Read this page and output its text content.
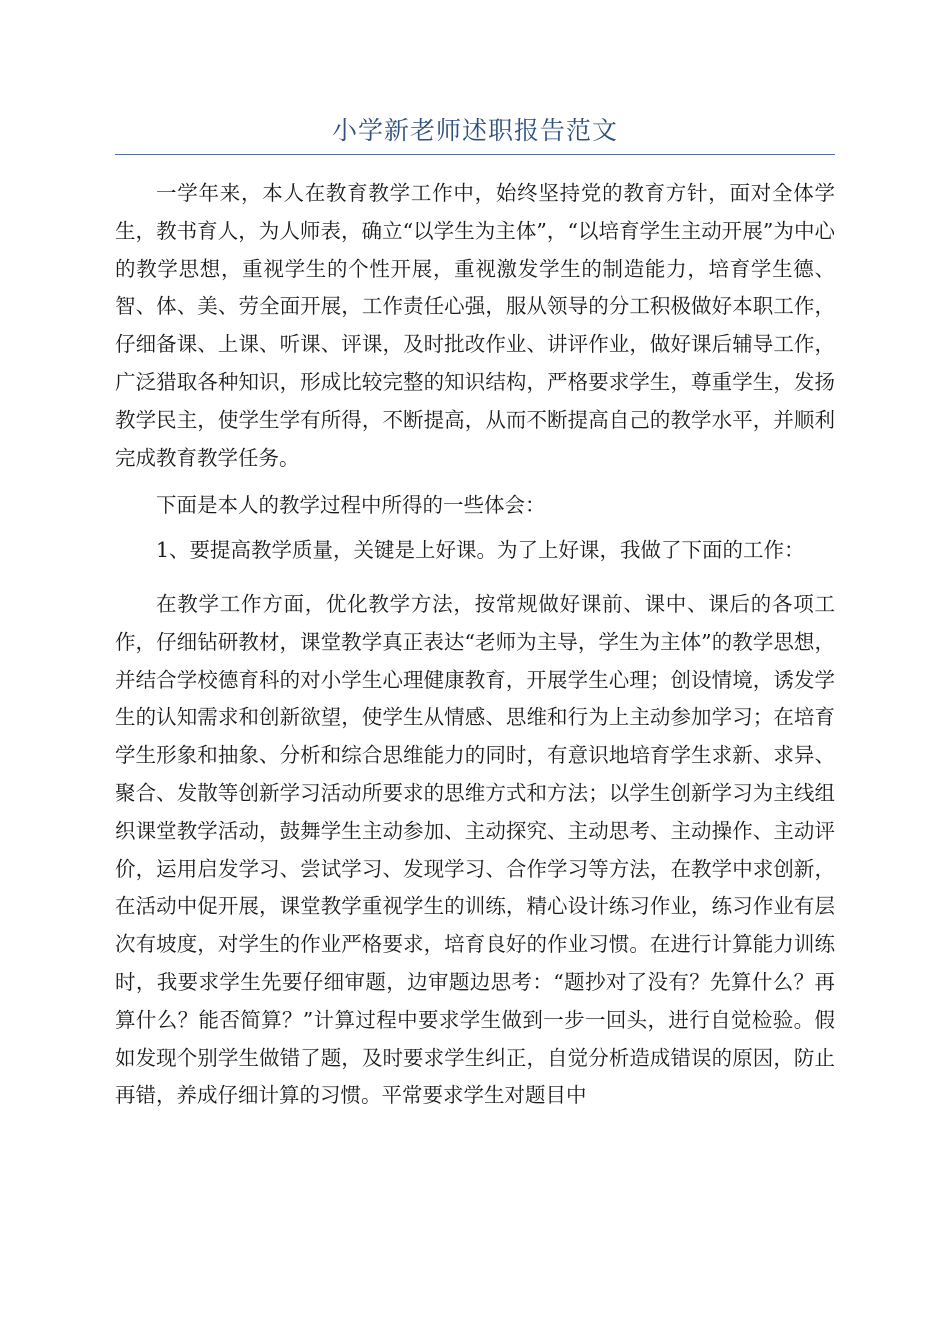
小学新老师述职报告范文

一学年来，本人在教育教学工作中，始终坚持党的教育方针，面对全体学生，教书育人，为人师表，确立“以学生为主体”，“以培育学生主动开展”为中心的教学思想，重视学生的个性开展，重视激发学生的制造能力，培育学生德、智、体、美、劳全面开展，工作责任心强，服从领导的分工积极做好本职工作，仔细备课、上课、听课、评课，及时批改作业、讲评作业，做好课后辅导工作，广泛猎取各种知识，形成比较完整的知识结构，严格要求学生，尊重学生，发扬教学民主，使学生学有所得，不断提高，从而不断提高自己的教学水平，并顺利完成教育教学任务。

下面是本人的教学过程中所得的一些体会：

1、要提高教学质量，关键是上好课。为了上好课，我做了下面的工作：

在教学工作方面，优化教学方法，按常规做好课前、课中、课后的各项工作，仔细钻研教材，课堂教学真正表达“老师为主导，学生为主体”的教学思想，并结合学校德育科的对小学生心理健康教育，开展学生心理；创设情境，诱发学生的认知需求和创新欲望，使学生从情感、思维和行为上主动参加学习；在培育学生形象和抽象、分析和综合思维能力的同时，有意识地培育学生求新、求异、聚合、发散等创新学习活动所要求的思维方式和方法；以学生创新学习为主线组织课堂教学活动，鼓舞学生主动参加、主动探究、主动思考、主动操作、主动评价，运用启发学习、尝试学习、发现学习、合作学习等方法，在教学中求创新，在活动中促开展，课堂教学重视学生的训练，精心设计练习作业，练习作业有层次有坡度，对学生的作业严格要求，培育良好的作业习惯。在进行计算能力训练时，我要求学生先要仔细审题，边审题边思考：“题抄对了没有？先算什么？再算什么？能否简算？”计算过程中要求学生做到一步一回头，进行自觉检验。假如发现个别学生做错了题，及时要求学生纠正，自觉分析造成错误的原因，防止再错，养成仔细计算的习惯。平常要求学生对题目中
